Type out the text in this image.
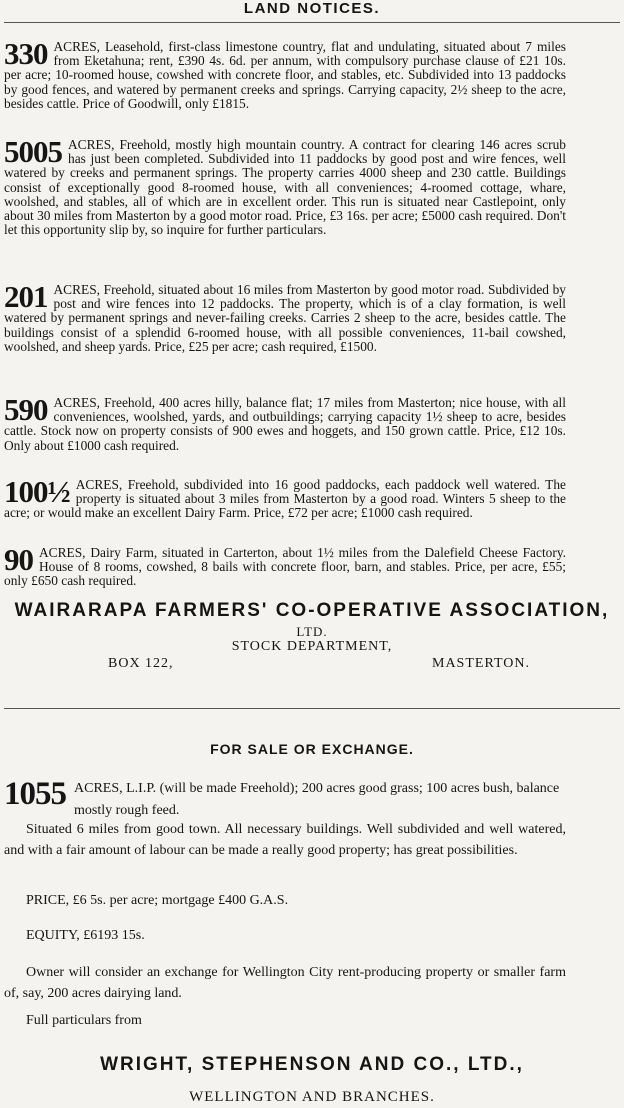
LAND NOTICES.
330 ACRES, Leasehold, first-class limestone country, flat and undulating, situated about 7 miles from Eketahuna; rent, £390 4s. 6d. per annum, with compulsory purchase clause of £21 10s. per acre; 10-roomed house, cowshed with concrete floor, and stables, etc. Subdivided into 13 paddocks by good fences, and watered by permanent creeks and springs. Carrying capacity, 2½ sheep to the acre, besides cattle. Price of Goodwill, only £1815.
5005 ACRES, Freehold, mostly high mountain country. A contract for clearing 146 acres scrub has just been completed. Subdivided into 11 paddocks by good post and wire fences, well watered by creeks and permanent springs. The property carries 4000 sheep and 230 cattle. Buildings consist of exceptionally good 8-roomed house, with all conveniences; 4-roomed cottage, whare, woolshed, and stables, all of which are in excellent order. This run is situated near Castlepoint, only about 30 miles from Masterton by a good motor road. Price, £3 16s. per acre; £5000 cash required. Don't let this opportunity slip by, so inquire for further particulars.
201 ACRES, Freehold, situated about 16 miles from Masterton by good motor road. Subdivided by post and wire fences into 12 paddocks. The property, which is of a clay formation, is well watered by permanent springs and never-failing creeks. Carries 2 sheep to the acre, besides cattle. The buildings consist of a splendid 6-roomed house, with all possible conveniences, 11-bail cowshed, woolshed, and sheep yards. Price, £25 per acre; cash required, £1500.
590 ACRES, Freehold, 400 acres hilly, balance flat; 17 miles from Masterton; nice house, with all conveniences, woolshed, yards, and outbuildings; carrying capacity 1½ sheep to acre, besides cattle. Stock now on property consists of 900 ewes and hoggets, and 150 grown cattle. Price, £12 10s. Only about £1000 cash required.
100½ ACRES, Freehold, subdivided into 16 good paddocks, each paddock well watered. The property is situated about 3 miles from Masterton by a good road. Winters 5 sheep to the acre; or would make an excellent Dairy Farm. Price, £72 per acre; £1000 cash required.
90 ACRES, Dairy Farm, situated in Carterton, about 1½ miles from the Dalefield Cheese Factory. House of 8 rooms, cowshed, 8 bails with concrete floor, barn, and stables. Price, per acre, £55; only £650 cash required.
WAIRARAPA FARMERS' CO-OPERATIVE ASSOCIATION,
LTD.
STOCK DEPARTMENT,
BOX 122,	MASTERTON.
FOR SALE OR EXCHANGE.
1055 ACRES, L.I.P. (will be made Freehold); 200 acres good grass; 100 acres bush, balance mostly rough feed.
Situated 6 miles from good town. All necessary buildings. Well subdivided and well watered, and with a fair amount of labour can be made a really good property; has great possibilities.
PRICE, £6 5s. per acre; mortgage £400 G.A.S.
EQUITY, £6193 15s.
Owner will consider an exchange for Wellington City rent-producing property or smaller farm of, say, 200 acres dairying land.
Full particulars from
WRIGHT, STEPHENSON AND CO., LTD.,
WELLINGTON AND BRANCHES.
